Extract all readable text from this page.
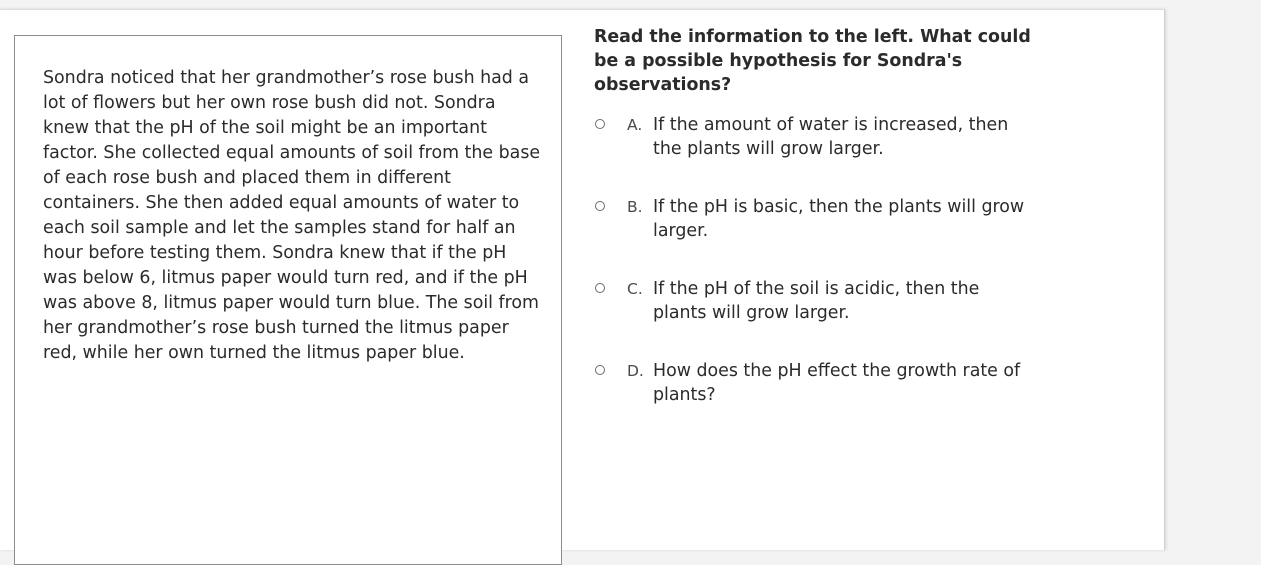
Sondra noticed that her grandmother’s rose bush had a lot of flowers but her own rose bush did not. Sondra knew that the pH of the soil might be an important factor. She collected equal amounts of soil from the base of each rose bush and placed them in different containers. She then added equal amounts of water to each soil sample and let the samples stand for half an hour before testing them. Sondra knew that if the pH was below 6, litmus paper would turn red, and if the pH was above 8, litmus paper would turn blue. The soil from her grandmother’s rose bush turned the litmus paper red, while her own turned the litmus paper blue.

Read the information to the left. What could be a possible hypothesis for Sondra's observations?

A. If the amount of water is increased, then the plants will grow larger.
B. If the pH is basic, then the plants will grow larger.
C. If the pH of the soil is acidic, then the plants will grow larger.
D. How does the pH effect the growth rate of plants?
